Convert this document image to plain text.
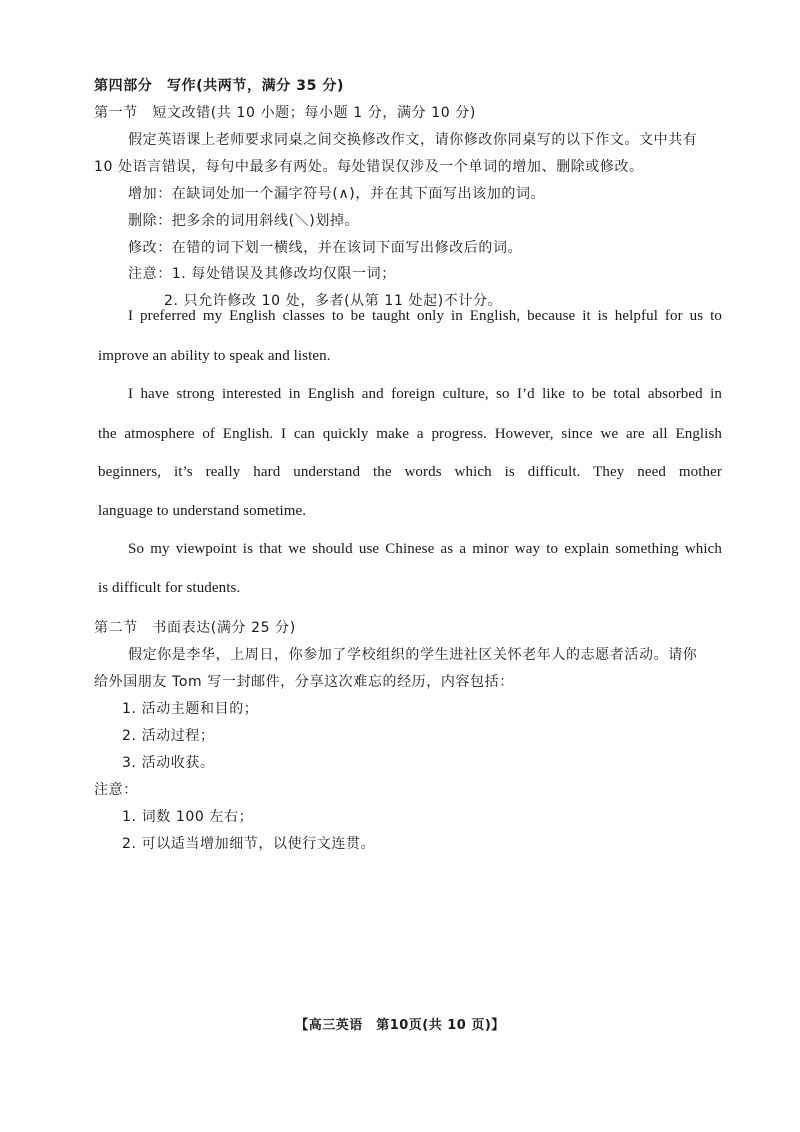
第四部分　写作(共两节，满分 35 分)
第一节　短文改错(共 10 小题；每小题 1 分，满分 10 分)
假定英语课上老师要求同桌之间交换修改作文，请你修改你同桌写的以下作文。文中共有
10 处语言错误，每句中最多有两处。每处错误仅涉及一个单词的增加、删除或修改。
增加：在缺词处加一个漏字符号(∧)，并在其下面写出该加的词。
删除：把多余的词用斜线(＼)划掉。
修改：在错的词下划一横线，并在该词下面写出修改后的词。
注意：1. 每处错误及其修改均仅限一词；
2. 只允许修改 10 处，多者(从第 11 处起)不计分。
I preferred my English classes to be taught only in English, because it is helpful for us to
improve an ability to speak and listen.
I have strong interested in English and foreign culture, so I’d like to be total absorbed in
the atmosphere of English. I can quickly make a progress. However, since we are all English
beginners, it’s really hard understand the words which is difficult. They need mother
language to understand sometime.
So my viewpoint is that we should use Chinese as a minor way to explain something which
is difficult for students.
第二节　书面表达(满分 25 分)
假定你是李华，上周日，你参加了学校组织的学生进社区关怀老年人的志愿者活动。请你
给外国朋友 Tom 写一封邮件，分享这次难忘的经历，内容包括：
1. 活动主题和目的；
2. 活动过程；
3. 活动收获。
注意：
1. 词数 100 左右；
2. 可以适当增加细节，以使行文连贯。
【高三英语　第10页(共 10 页)】
